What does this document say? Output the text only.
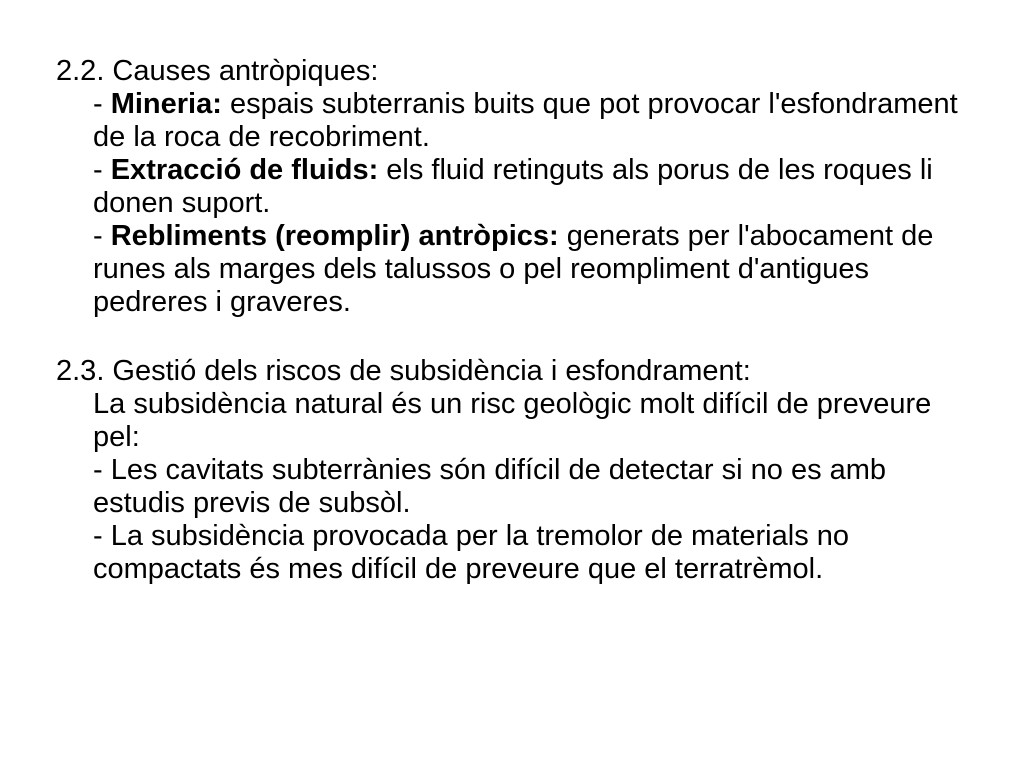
2.2. Causes antròpiques:
- Mineria: espais subterranis buits que pot provocar l'esfondrament de la roca de recobriment.
- Extracció de fluids: els fluid retinguts als porus de les roques li donen suport.
- Rebliments (reomplir) antròpics: generats per l'abocament de runes als marges dels talussos o pel reompliment d'antigues pedreres i graveres.
2.3. Gestió dels riscos de subsidència i esfondrament:
La subsidència natural és un risc geològic molt difícil de preveure pel:
- Les cavitats subterrànies són difícil de detectar si no es amb estudis previs de subsòl.
- La subsidència provocada per la tremolor de materials no compactats és mes difícil de preveure que el terratrèmol.
